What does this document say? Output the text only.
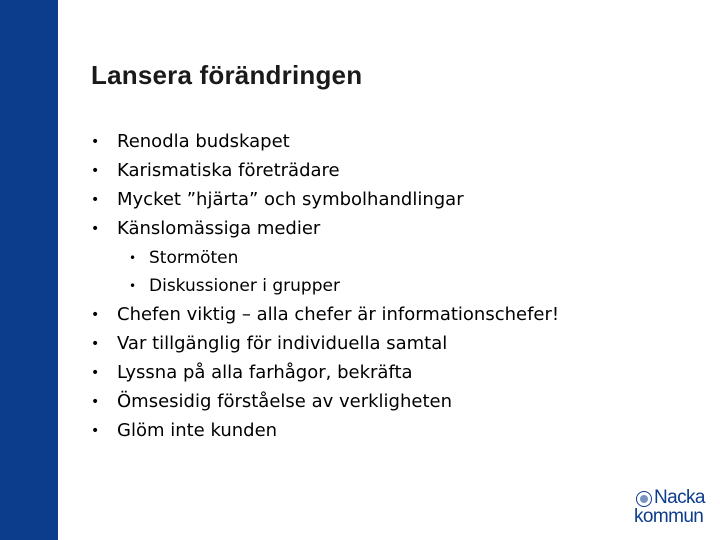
Lansera förändringen
• Renodla budskapet
• Karismatiska företrädare
• Mycket ”hjärta” och symbolhandlingar
• Känslomässiga medier
• Stormöten
• Diskussioner i grupper
• Chefen viktig – alla chefer är informationschefer!
• Var tillgänglig för individuella samtal
• Lyssna på alla farhågor, bekräfta
• Ömsesidig förståelse av verkligheten
• Glöm inte kunden
Nacka
kommun
